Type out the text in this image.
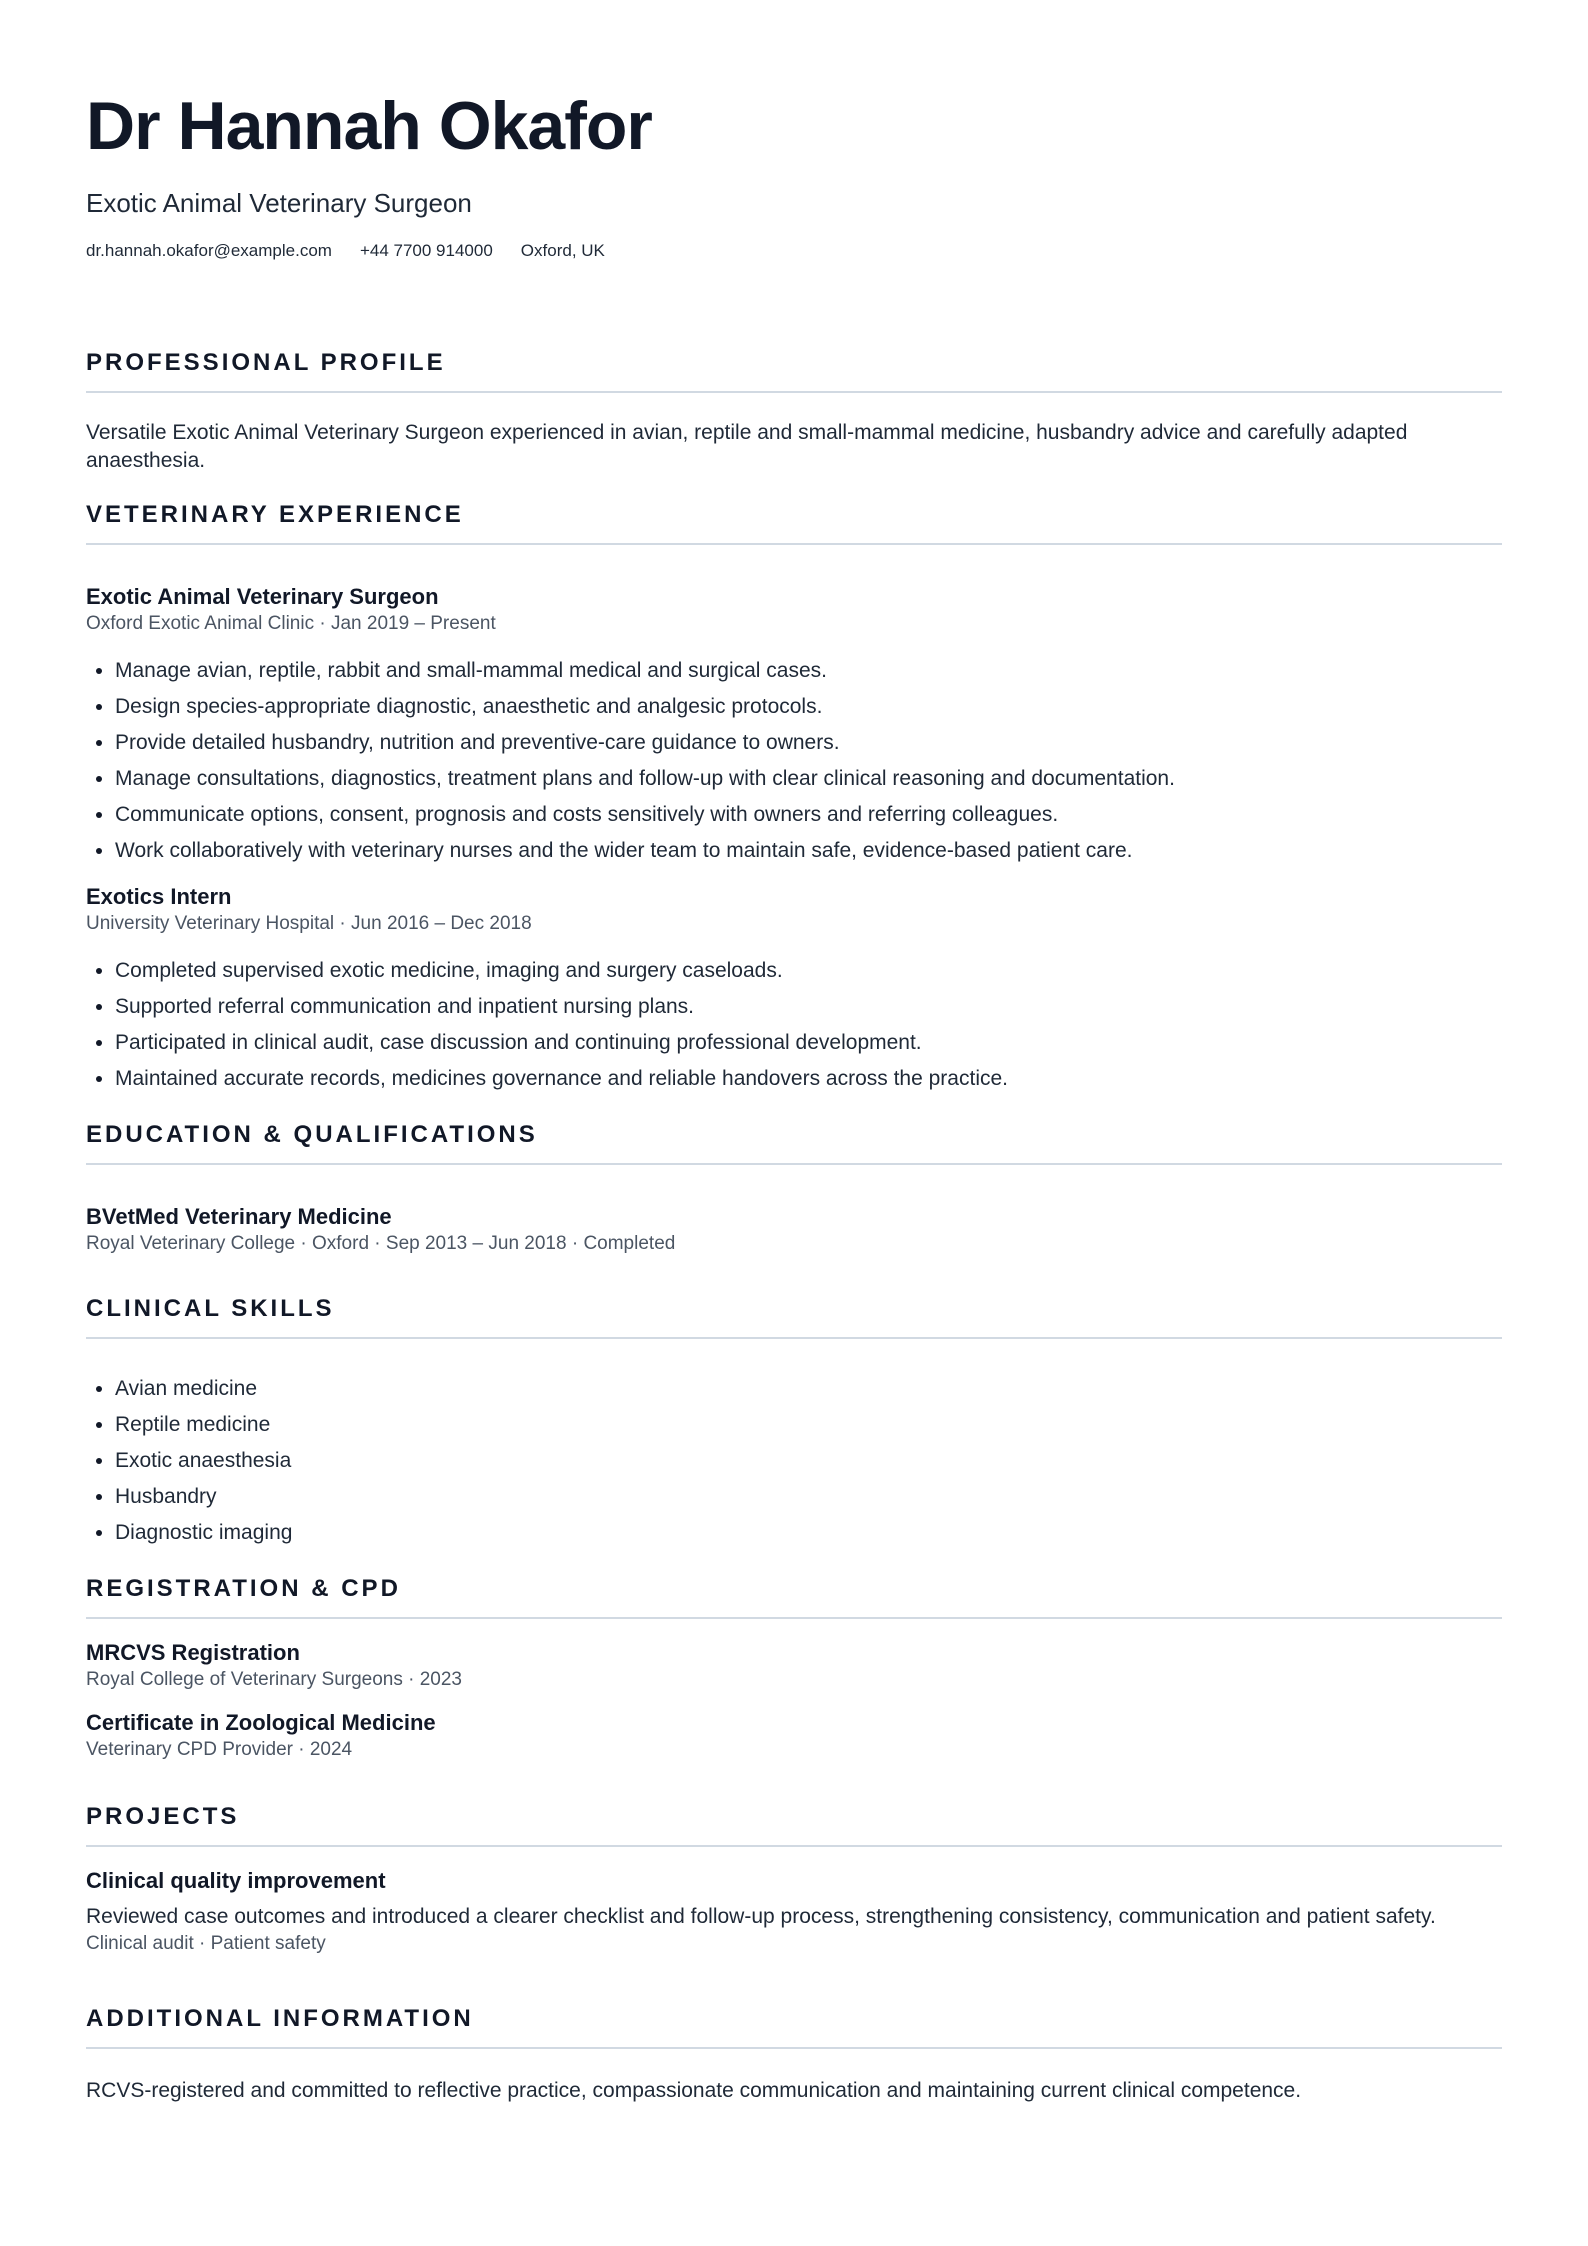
Dr Hannah Okafor
Exotic Animal Veterinary Surgeon
dr.hannah.okafor@example.com +44 7700 914000 Oxford, UK
PROFESSIONAL PROFILE
Versatile Exotic Animal Veterinary Surgeon experienced in avian, reptile and small-mammal medicine, husbandry advice and carefully adapted anaesthesia.
VETERINARY EXPERIENCE
Exotic Animal Veterinary Surgeon
Oxford Exotic Animal Clinic · Jan 2019 – Present
• Manage avian, reptile, rabbit and small-mammal medical and surgical cases.
• Design species-appropriate diagnostic, anaesthetic and analgesic protocols.
• Provide detailed husbandry, nutrition and preventive-care guidance to owners.
• Manage consultations, diagnostics, treatment plans and follow-up with clear clinical reasoning and documentation.
• Communicate options, consent, prognosis and costs sensitively with owners and referring colleagues.
• Work collaboratively with veterinary nurses and the wider team to maintain safe, evidence-based patient care.
Exotics Intern
University Veterinary Hospital · Jun 2016 – Dec 2018
• Completed supervised exotic medicine, imaging and surgery caseloads.
• Supported referral communication and inpatient nursing plans.
• Participated in clinical audit, case discussion and continuing professional development.
• Maintained accurate records, medicines governance and reliable handovers across the practice.
EDUCATION & QUALIFICATIONS
BVetMed Veterinary Medicine
Royal Veterinary College · Oxford · Sep 2013 – Jun 2018 · Completed
CLINICAL SKILLS
• Avian medicine
• Reptile medicine
• Exotic anaesthesia
• Husbandry
• Diagnostic imaging
REGISTRATION & CPD
MRCVS Registration
Royal College of Veterinary Surgeons · 2023
Certificate in Zoological Medicine
Veterinary CPD Provider · 2024
PROJECTS
Clinical quality improvement
Reviewed case outcomes and introduced a clearer checklist and follow-up process, strengthening consistency, communication and patient safety.
Clinical audit · Patient safety
ADDITIONAL INFORMATION
RCVS-registered and committed to reflective practice, compassionate communication and maintaining current clinical competence.
